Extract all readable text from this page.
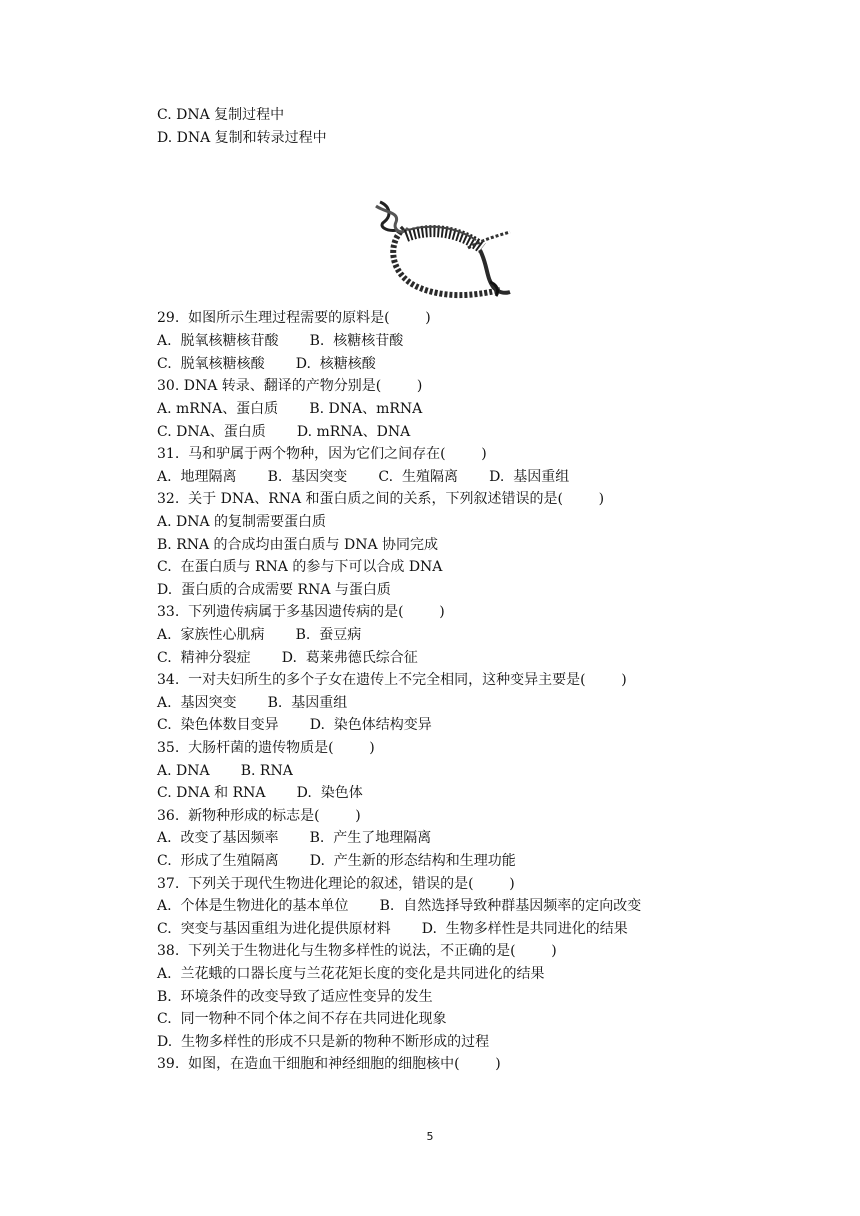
C. DNA 复制过程中
D. DNA 复制和转录过程中
29.  如图所示生理过程需要的原料是(        )
A.  脱氧核糖核苷酸       B.  核糖核苷酸
C.  脱氧核糖核酸       D.  核糖核酸
30. DNA 转录、翻译的产物分别是(        )
A. mRNA、蛋白质       B. DNA、mRNA
C. DNA、蛋白质       D. mRNA、DNA
31.  马和驴属于两个物种，因为它们之间存在(        )
A.  地理隔离       B.  基因突变       C.  生殖隔离       D.  基因重组
32.  关于 DNA、RNA 和蛋白质之间的关系，下列叙述错误的是(        )
A. DNA 的复制需要蛋白质
B. RNA 的合成均由蛋白质与 DNA 协同完成
C.  在蛋白质与 RNA 的参与下可以合成 DNA
D.  蛋白质的合成需要 RNA 与蛋白质
33.  下列遗传病属于多基因遗传病的是(        )
A.  家族性心肌病       B.  蚕豆病
C.  精神分裂症       D.  葛莱弗德氏综合征
34.  一对夫妇所生的多个子女在遗传上不完全相同，这种变异主要是(        )
A.  基因突变       B.  基因重组
C.  染色体数目变异       D.  染色体结构变异
35.  大肠杆菌的遗传物质是(        )
A. DNA       B. RNA
C. DNA 和 RNA       D.  染色体
36.  新物种形成的标志是(        )
A.  改变了基因频率       B.  产生了地理隔离
C.  形成了生殖隔离       D.  产生新的形态结构和生理功能
37.  下列关于现代生物进化理论的叙述，错误的是(        )
A.  个体是生物进化的基本单位       B.  自然选择导致种群基因频率的定向改变
C.  突变与基因重组为进化提供原材料       D.  生物多样性是共同进化的结果
38.  下列关于生物进化与生物多样性的说法，不正确的是(        )
A.  兰花蛾的口器长度与兰花花矩长度的变化是共同进化的结果
B.  环境条件的改变导致了适应性变异的发生
C.  同一物种不同个体之间不存在共同进化现象
D.  生物多样性的形成不只是新的物种不断形成的过程
39.  如图，在造血干细胞和神经细胞的细胞核中(        )
5
